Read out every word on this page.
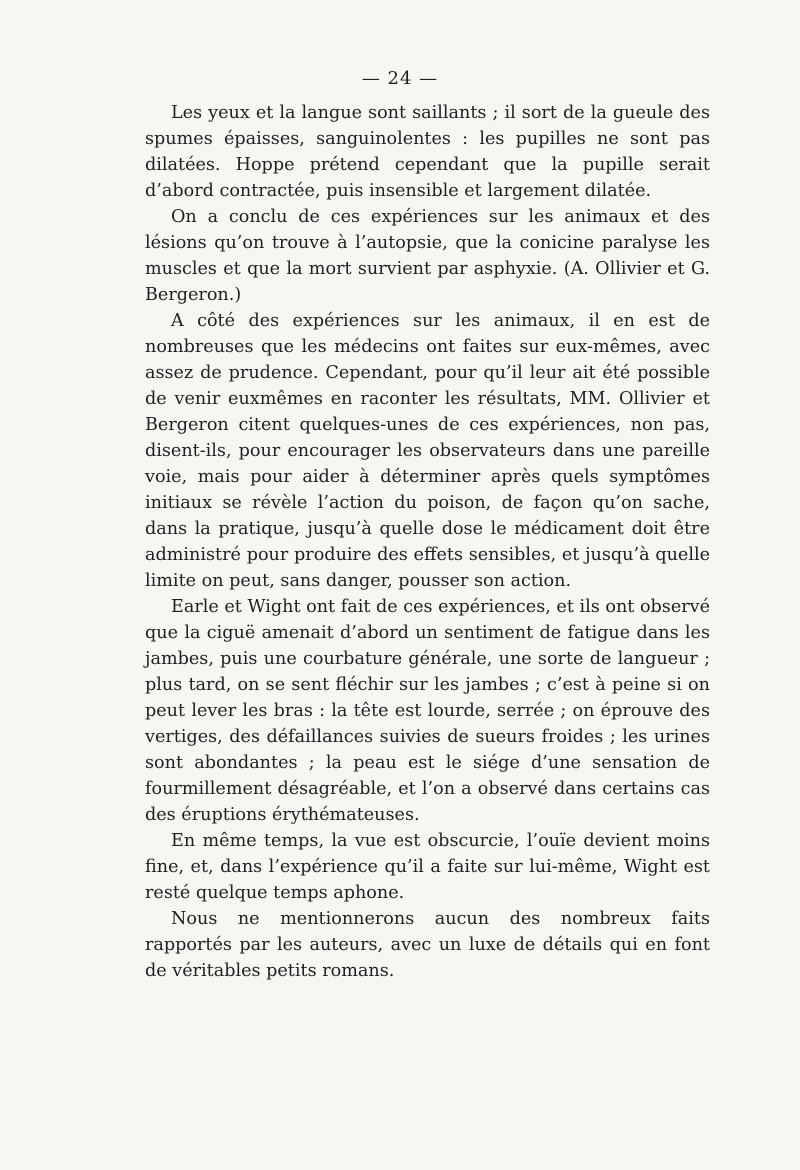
— 24 —

Les yeux et la langue sont saillants ; il sort de la gueule des spumes épaisses, sanguinolentes : les pupilles ne sont pas dilatées. Hoppe prétend cependant que la pupille serait d’abord contractée, puis insensible et largement dilatée.

On a conclu de ces expériences sur les animaux et des lésions qu’on trouve à l’autopsie, que la conicine paralyse les muscles et que la mort survient par asphyxie. (A. Ollivier et G. Bergeron.)

A côté des expériences sur les animaux, il en est de nombreuses que les médecins ont faites sur eux-mêmes, avec assez de prudence. Cependant, pour qu’il leur ait été possible de venir euxmêmes en raconter les résultats, MM. Ollivier et Bergeron citent quelques-unes de ces expériences, non pas, disent-ils, pour encourager les observateurs dans une pareille voie, mais pour aider à déterminer après quels symptômes initiaux se révèle l’action du poison, de façon qu’on sache, dans la pratique, jusqu’à quelle dose le médicament doit être administré pour produire des effets sensibles, et jusqu’à quelle limite on peut, sans danger, pousser son action.

Earle et Wight ont fait de ces expériences, et ils ont observé que la ciguë amenait d’abord un sentiment de fatigue dans les jambes, puis une courbature générale, une sorte de langueur ; plus tard, on se sent fléchir sur les jambes ; c’est à peine si on peut lever les bras : la tête est lourde, serrée ; on éprouve des vertiges, des défaillances suivies de sueurs froides ; les urines sont abondantes ; la peau est le siége d’une sensation de fourmillement désagréable, et l’on a observé dans certains cas des éruptions érythémateuses.

En même temps, la vue est obscurcie, l’ouïe devient moins fine, et, dans l’expérience qu’il a faite sur lui-même, Wight est resté quelque temps aphone.

Nous ne mentionnerons aucun des nombreux faits rapportés par les auteurs, avec un luxe de détails qui en font de véritables petits romans.
